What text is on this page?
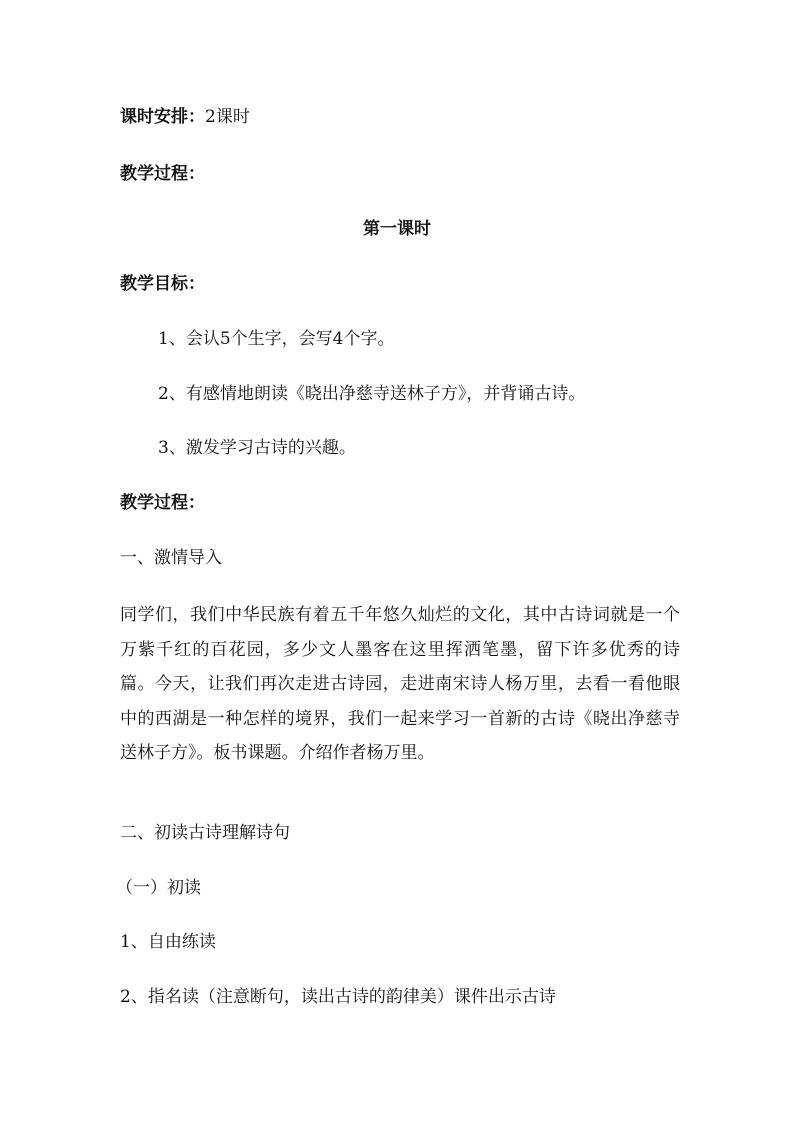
课时安排：2课时
教学过程：
第一课时
教学目标：
1、会认5个生字，会写4个字。
2、有感情地朗读《晓出净慈寺送林子方》，并背诵古诗。
3、激发学习古诗的兴趣。
教学过程：
一、激情导入
同学们，我们中华民族有着五千年悠久灿烂的文化，其中古诗词就是一个万紫千红的百花园，多少文人墨客在这里挥洒笔墨，留下许多优秀的诗篇。今天，让我们再次走进古诗园，走进南宋诗人杨万里，去看一看他眼中的西湖是一种怎样的境界，我们一起来学习一首新的古诗《晓出净慈寺送林子方》。板书课题。介绍作者杨万里。
二、初读古诗理解诗句
（一）初读
1、自由练读
2、指名读（注意断句，读出古诗的韵律美）课件出示古诗
